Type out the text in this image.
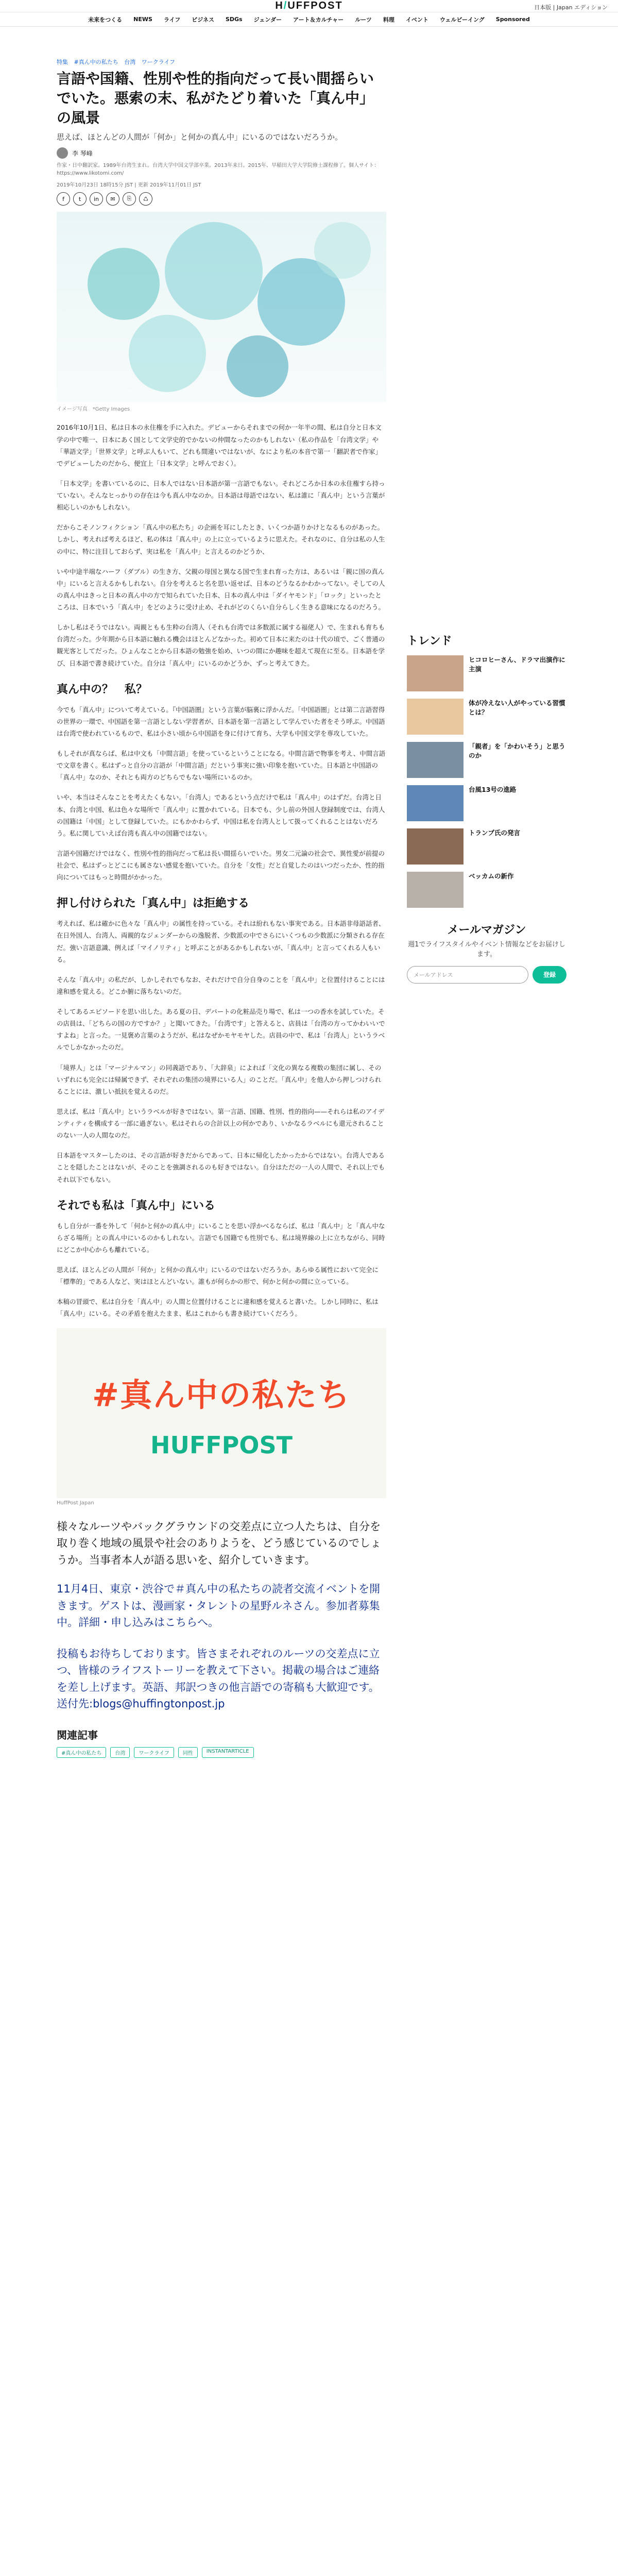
H/UFFPOST	日本版 | Japan エディション
未来をつくる NEWS ライフ ビジネス SDGs ジェンダー アート＆カルチャー ルーツ 料理 イベント ウェルビーイング Sponsored
特集 #真ん中の私たち 台湾 ワークライフ
言語や国籍、性別や性的指向だって長い間揺らいでいた。悪索の末、私がたどり着いた「真ん中」の風景
思えば、ほとんどの人間が「何か」と何かの真ん中」にいるのではないだろうか。
李 琴峰
作家・日中翻訳家。1989年台湾生まれ。台湾大学中国文学部卒業。2013年来日。2015年、早稲田大学大学院修士課程修了。個人サイト：https://www.likotomi.com/
2019年10月23日 18時15分 JST | 更新 2019年11月01日 JST
f	t	in	✉	⎘	♺
イメージ写真　*Getty Images

2016年10月1日、私は日本の永住権を手に入れた。デビューからそれまでの何か一年半の間、私は自分と日本文学の中で唯一、日本にあく国として文学史的でかないの仲間なったのかもしれない（私の作品を「台湾文学」や「華語文学」「世界文学」と呼ぶ人もいて、どれも間違いではないが、なにより私の本音で第一「翻訳者で作家」でデビューしたのだから、便宜上「日本文学」と呼んでおく）。

「日本文学」を書いているのに、日本人ではない日本語が第一言語でもない。それどころか日本の永住権すら持っていない。そんなヒっかりの存在は今も真ん中なのか。日本語は母語ではない、私は誰に「真ん中」という言葉が相応しいのかもしれない。

だからこそノンフィクション「真ん中の私たち」の企画を耳にしたとき、いくつか語りかけとなるものがあった。しかし、考えれば考えるほど、私の体は「真ん中」の上に立っているように思えた。それなのに、自分は私の人生の中に、特に注目しておらず、実は私を「真ん中」と言えるのかどうか、

いや中途半端なハーフ（ダブル）の生き方、父親の母国と異なる国で生まれ育った方は、あるいは「親に国の真ん中」にいると言えるかもしれない。自分を考えると名を思い返せば、日本のどうなるかわかってない。そしての人の真ん中はきっと日本の真ん中の方で知られていた日本、日本の真ん中は「ダイヤモンド」「ロック」といったところは、日本でいう「真ん中」をどのように受け止め、それがどのくらい自分らしく生きる意味になるのだろう。

しかし私はそうではない。両親ともも生粋の台湾人（それも台湾では多数派に属する福佬人）で、生まれも育ちも台湾だった。少年期から日本語に触れる機会はほとんどなかった。初めて日本に来たのは十代の頃で、ごく普通の観光客としてだった。ひょんなことから日本語の勉強を始め、いつの間にか趣味を超えて現在に至る。日本語を学び、日本語で書き続けていた。自分は「真ん中」にいるのかどうか、ずっと考えてきた。

真ん中の？　私？

今でも「真ん中」について考えている。『中国語圏』という言葉が脳裏に浮かんだ。「中国語圏」とは第二言語習得の世界の一環で、中国語を第一言語としない学習者が、日本語を第一言語として学んでいた者をそう呼ぶ。中国語は台湾で使われているもので、私は小さい頃から中国語を身に付けて育ち、大学も中国文学を専攻していた。

もしそれが真ならば、私は中文も「中間言語」を使っているということになる。中間言語で物事を考え、中間言語で文章を書く。私はずっと自分の言語が「中間言語」だという事実に強い印象を抱いていた。日本語と中国語の「真ん中」なのか、それとも両方のどちらでもない場所にいるのか。

いや、本当はそんなことを考えたくもない。「台湾人」であるという点だけで私は「真ん中」のはずだ。台湾と日本、台湾と中国、私は色々な場所で「真ん中」に置かれている。日本でも、少し前の外国人登録制度では、台湾人の国籍は「中国」として登録していた。にもかかわらず、中国は私を台湾人として扱ってくれることはないだろう。私に関していえば台湾も真ん中の国籍ではない。

言語や国籍だけではなく、性別や性的指向だって私は長い間揺らいでいた。男女二元論の社会で、異性愛が前提の社会で、私はずっとどこにも属さない感覚を抱いていた。自分を「女性」だと自覚したのはいつだったか、性的指向についてはもっと時間がかかった。

押し付けられた「真ん中」は拒絶する

考えれば、私は確かに色々な「真ん中」の属性を持っている。それは紛れもない事実である。日本語非母語話者、在日外国人、台湾人、両親的なジェンダーからの逸脱者、少数派の中でさらにいくつもの少数派に分類される存在だ。強い言語意識、例えば「マイノリティ」と呼ぶことがあるかもしれないが、「真ん中」と言ってくれる人もいる。

そんな「真ん中」の私だが、しかしそれでもなお、それだけで自分自身のことを「真ん中」と位置付けることには違和感を覚える。どこか腑に落ちないのだ。

そしてあるエピソードを思い出した。ある夏の日、デパートの化粧品売り場で、私は一つの香水を試していた。その店員は、「どちらの国の方ですか？」と聞いてきた。「台湾です」と答えると、店員は「台湾の方ってかわいいですよね」と言った。一見褒め言葉のようだが、私はなぜかモヤモヤした。店員の中で、私は「台湾人」というラベルでしかなかったのだ。

「境界人」とは「マージナルマン」の同義語であり、「大辞泉」によれば「文化の異なる複数の集団に属し、そのいずれにも完全には帰属できず、それぞれの集団の境界にいる人」のことだ。「真ん中」を他人から押しつけられることには、激しい抵抗を覚えるのだ。

思えば、私は「真ん中」というラベルが好きではない。第一言語、国籍、性別、性的指向——それらは私のアイデンティティを構成する一部に過ぎない。私はそれらの合計以上の何かであり、いかなるラベルにも還元されることのない一人の人間なのだ。

日本語をマスターしたのは、その言語が好きだからであって、日本に帰化したかったからではない。台湾人であることを隠したことはないが、そのことを強調されるのも好きではない。自分はただの一人の人間で、それ以上でもそれ以下でもない。

それでも私は「真ん中」にいる

もし自分が一番を外して「何かと何かの真ん中」にいることを思い浮かべるならば、私は「真ん中」と「真ん中ならざる場所」との真ん中にいるのかもしれない。言語でも国籍でも性別でも、私は境界線の上に立ちながら、同時にどこか中心からも離れている。

思えば、ほとんどの人間が「何か」と何かの真ん中」にいるのではないだろうか。あらゆる属性において完全に「標準的」である人など、実はほとんどいない。誰もが何らかの形で、何かと何かの間に立っている。

本稿の冒頭で、私は自分を「真ん中」の人間と位置付けることに違和感を覚えると書いた。しかし同時に、私は「真ん中」にいる。その矛盾を抱えたまま、私はこれからも書き続けていくだろう。

#真ん中の私たち
HUFFPOST
HuffPost Japan

様々なルーツやバックグラウンドの交差点に立つ人たちは、自分を取り巻く地域の風景や社会のありようを、どう感じているのでしょうか。当事者本人が語る思いを、紹介していきます。

11月4日、東京・渋谷で＃真ん中の私たちの読者交流イベントを開きます。ゲストは、漫画家・タレントの星野ルネさん。参加者募集中。詳細・申し込みはこちらへ。

投稿もお待ちしております。皆さまそれぞれのルーツの交差点に立つ、皆様のライフストーリーを教えて下さい。掲載の場合はご連絡を差し上げます。英語、邦訳つきの他言語での寄稿も大歓迎です。送付先:blogs@huffingtonpost.jp

関連記事
#真ん中の私たち	台湾	ワークライフ	同性	INSTANTARTICLE
トレンド
ヒコロヒーさん、ドラマ出演作に主演
体が冷えない人がやっている習慣とは？
「親者」を「かわいそう」と思うのか
台風13号の進路
トランプ氏の発言
ベッカムの新作
メールマガジン

週1でライフスタイルやイベント情報などをお届けします。

メールアドレス	登録
